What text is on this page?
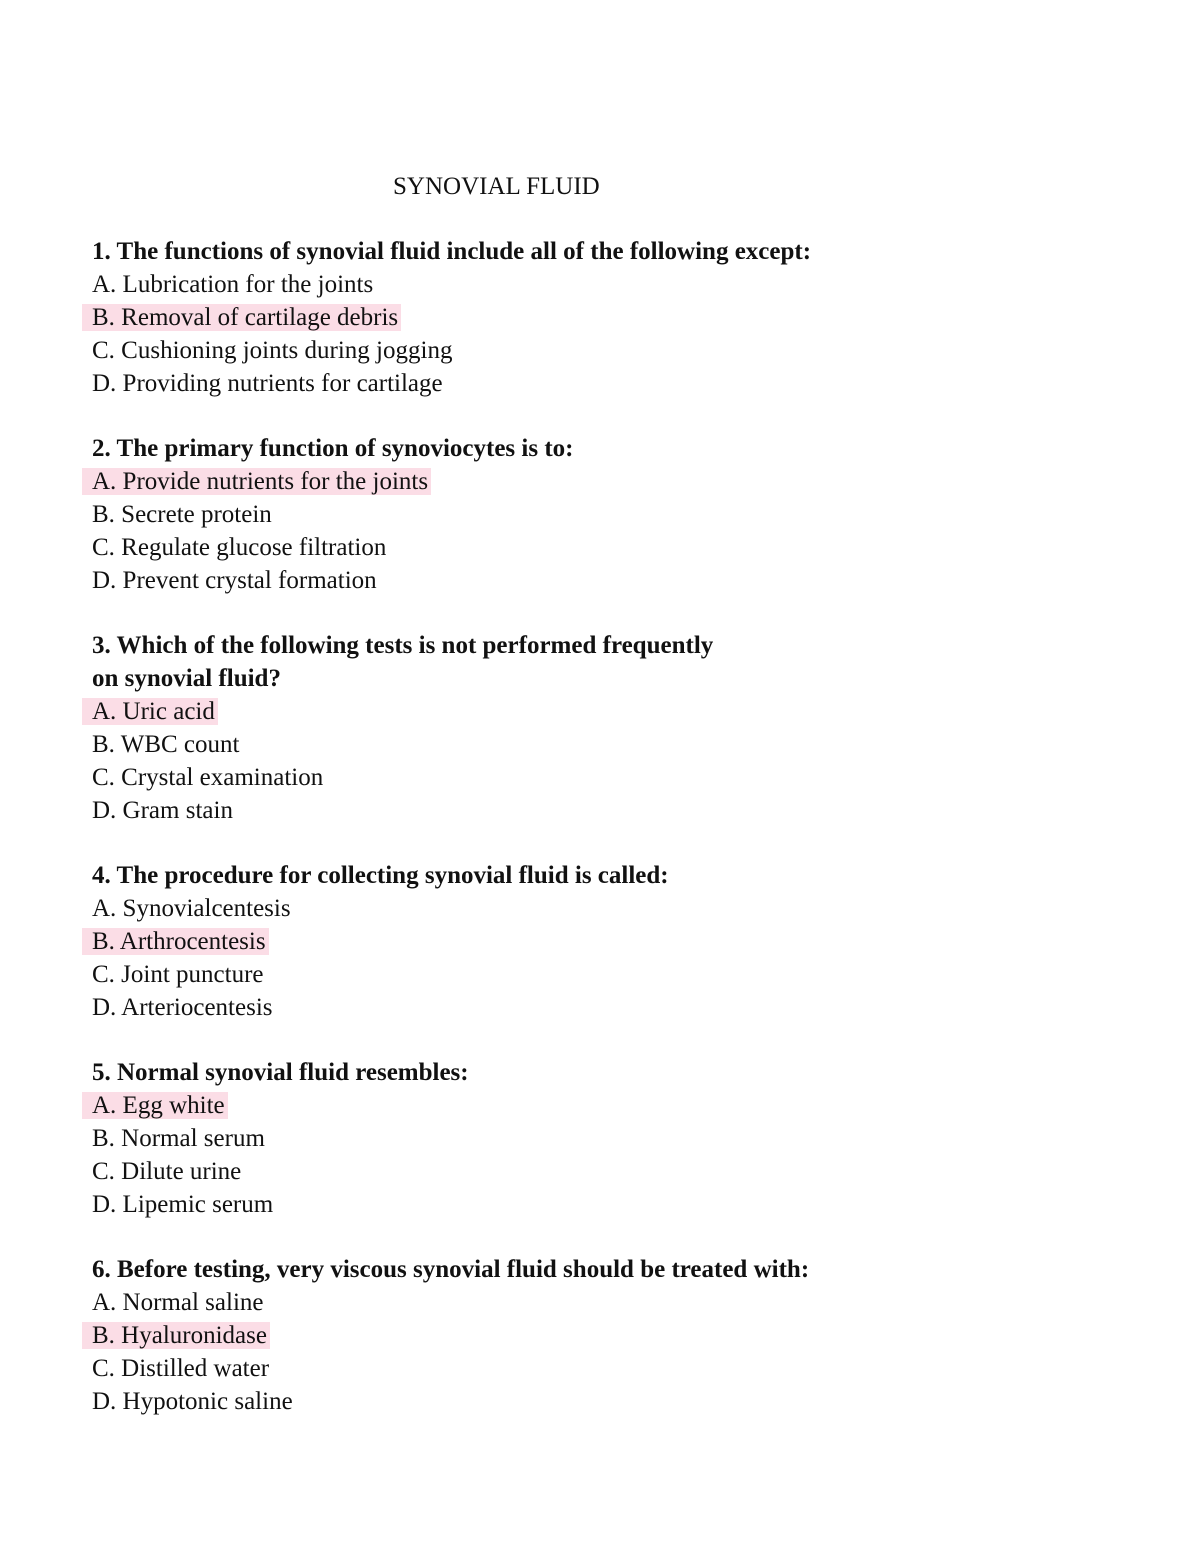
SYNOVIAL FLUID

1. The functions of synovial fluid include all of the following except:

A. Lubrication for the joints
B. Removal of cartilage debris
C. Cushioning joints during jogging
D. Providing nutrients for cartilage

2. The primary function of synoviocytes is to:

A. Provide nutrients for the joints
B. Secrete protein
C. Regulate glucose filtration
D. Prevent crystal formation

3. Which of the following tests is not performed frequently
on synovial fluid?

A. Uric acid
B. WBC count
C. Crystal examination
D. Gram stain

4. The procedure for collecting synovial fluid is called:

A. Synovialcentesis
B. Arthrocentesis
C. Joint puncture
D. Arteriocentesis

5. Normal synovial fluid resembles:

A. Egg white
B. Normal serum
C. Dilute urine
D. Lipemic serum

6. Before testing, very viscous synovial fluid should be treated with:

A. Normal saline
B. Hyaluronidase
C. Distilled water
D. Hypotonic saline
